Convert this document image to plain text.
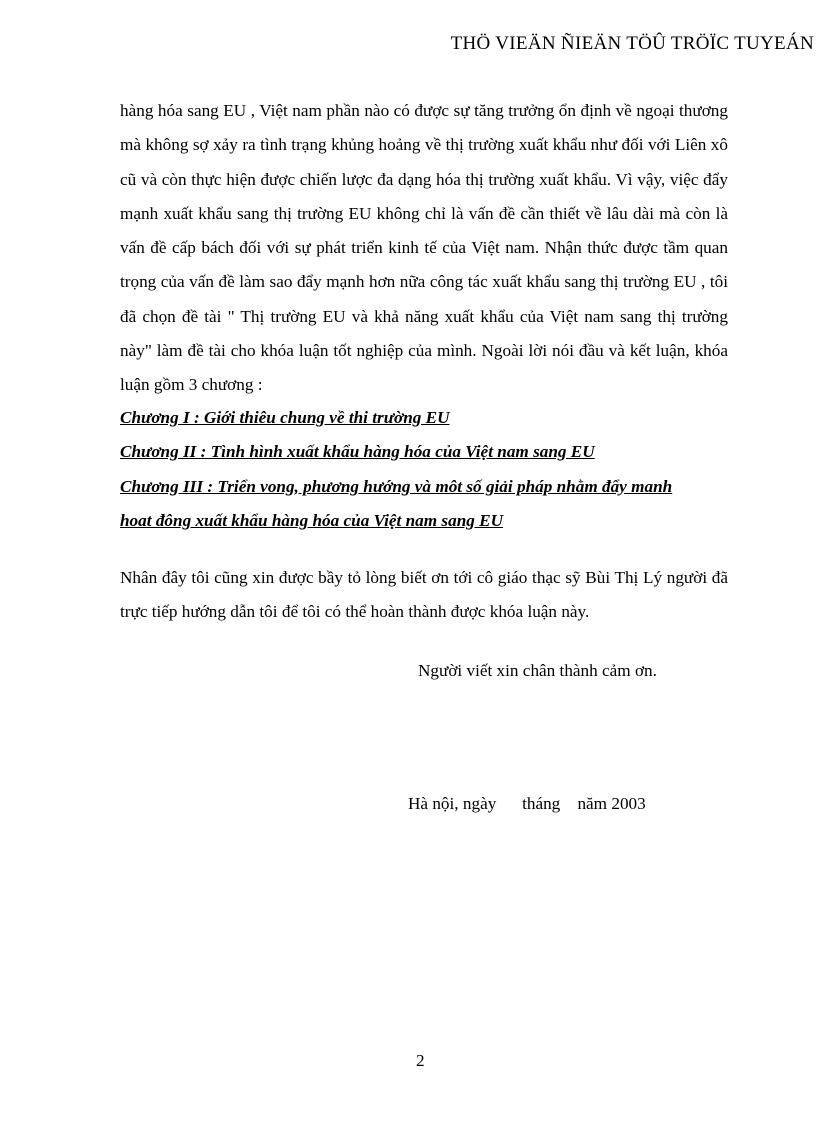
THÖ VIEÄN ÑIEÄN TÖÛ TRÖÏC TUYEÁN

hàng hóa sang EU , Việt nam phần nào có được sự tăng trưởng ổn định về ngoại thương mà không sợ xảy ra tình trạng khủng hoảng về thị trường xuất khẩu như đối với Liên xô cũ và còn thực hiện được chiến lược đa dạng hóa thị trường xuất khẩu. Vì vậy, việc đẩy mạnh xuất khẩu sang thị trường EU không chỉ là vấn đề cần thiết về lâu dài mà còn là vấn đề cấp bách đối với sự phát triển kinh tế của Việt nam. Nhận thức được tầm quan trọng của vấn đề làm sao đẩy mạnh hơn nữa công tác xuất khẩu sang thị trường EU , tôi đã chọn đề tài " Thị trường EU và khả năng xuất khẩu của Việt nam sang thị trường này" làm đề tài cho khóa luận tốt nghiệp của mình. Ngoài lời nói đầu và kết luận, khóa luận gồm 3 chương :

Chương I : Giới thiêu chung về thi trường EU
Chương II : Tình hình xuất khẩu hàng hóa của Việt nam sang EU
Chương III : Triển vong, phương hướng và môt số giải pháp nhằm đẩy manh
hoat đông xuất khẩu hàng hóa của Việt nam sang EU

Nhân đây tôi cũng xin được bầy tỏ lòng biết ơn tới cô giáo thạc sỹ Bùi Thị Lý người đã trực tiếp hướng dẫn tôi để tôi có thể hoàn thành được khóa luận này.

Người viết xin chân thành cảm ơn.
Hà nội, ngày      tháng    năm 2003
2
